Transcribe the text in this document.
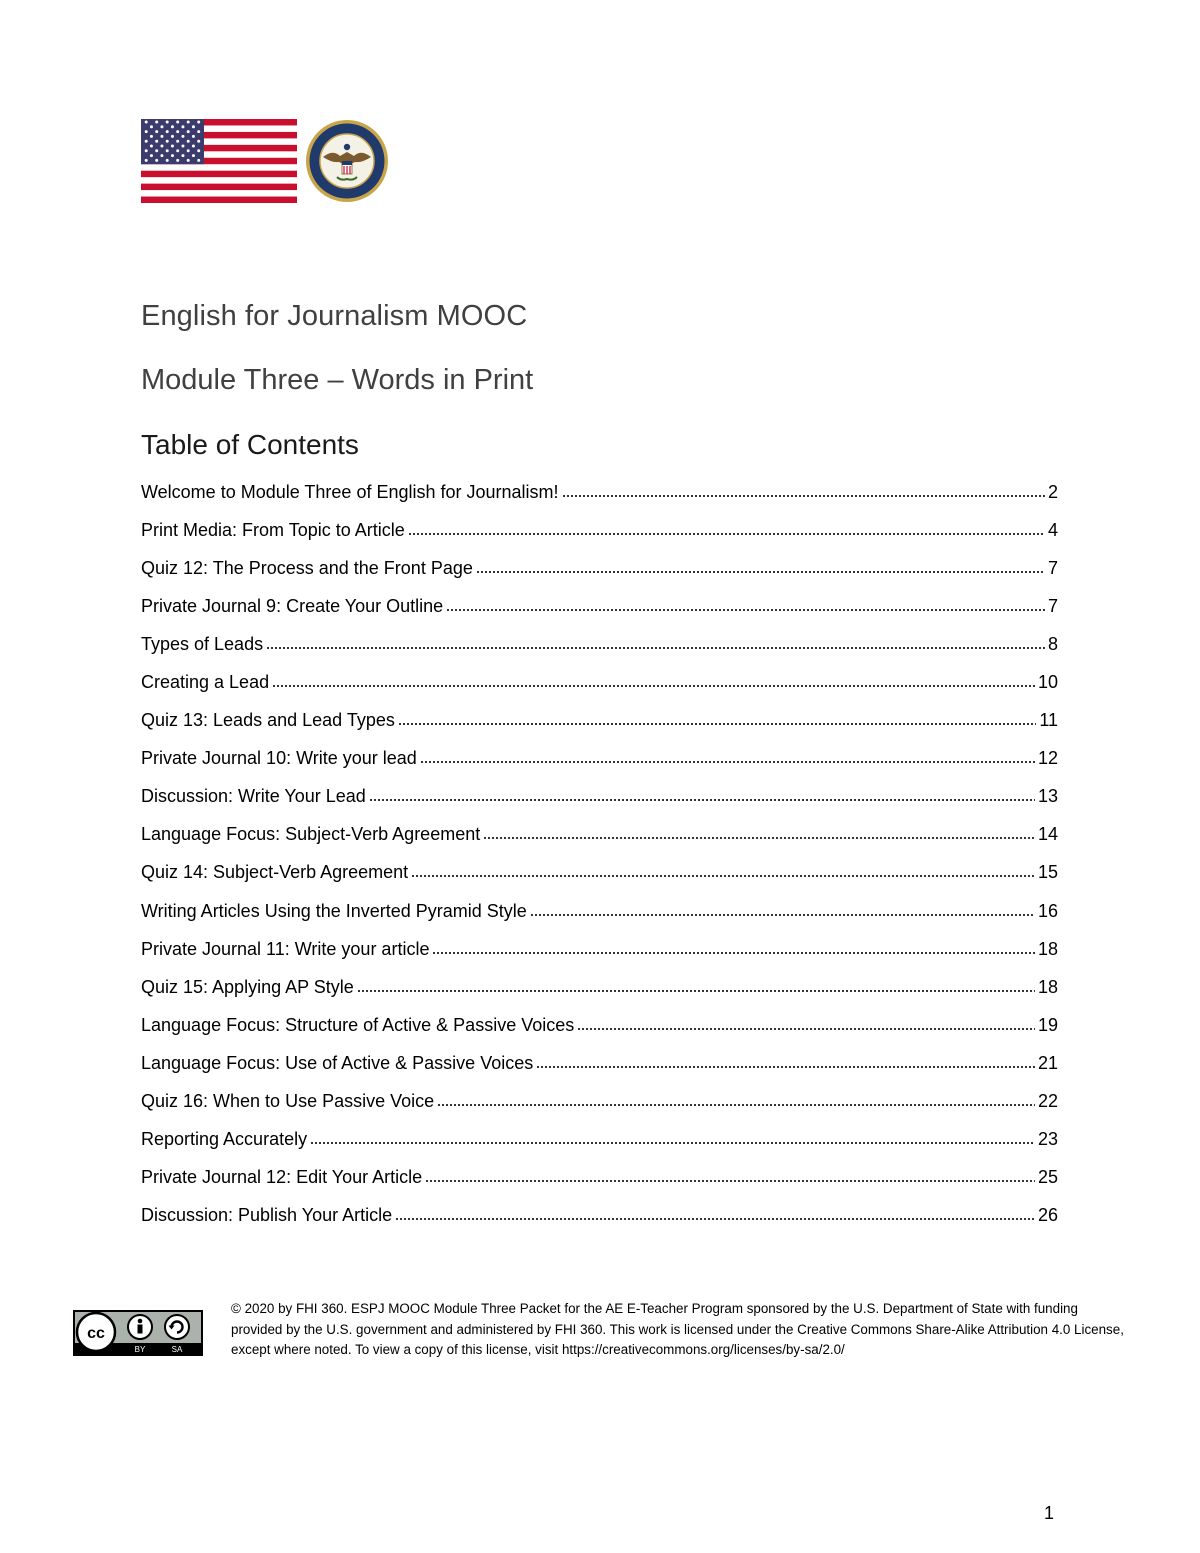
English for Journalism MOOC
Module Three – Words in Print
Table of Contents
Welcome to Module Three of English for Journalism!	2
Print Media: From Topic to Article	4
Quiz 12: The Process and the Front Page	7
Private Journal 9: Create Your Outline	7
Types of Leads	8
Creating a Lead	10
Quiz 13: Leads and Lead Types	11
Private Journal 10: Write your lead	12
Discussion: Write Your Lead	13
Language Focus: Subject-Verb Agreement	14
Quiz 14: Subject-Verb Agreement	15
Writing Articles Using the Inverted Pyramid Style	16
Private Journal 11: Write your article	18
Quiz 15: Applying AP Style	18
Language Focus: Structure of Active & Passive Voices	19
Language Focus: Use of Active & Passive Voices	21
Quiz 16: When to Use Passive Voice	22
Reporting Accurately	23
Private Journal 12: Edit Your Article	25
Discussion: Publish Your Article	26
cc
BY	SA
© 2020 by FHI 360. ESPJ MOOC Module Three Packet for the AE E-Teacher Program sponsored by the U.S. Department of State with funding provided by the U.S. government and administered by FHI 360. This work is licensed under the Creative Commons Share-Alike Attribution 4.0 License, except where noted. To view a copy of this license, visit https://creativecommons.org/licenses/by-sa/2.0/
1
